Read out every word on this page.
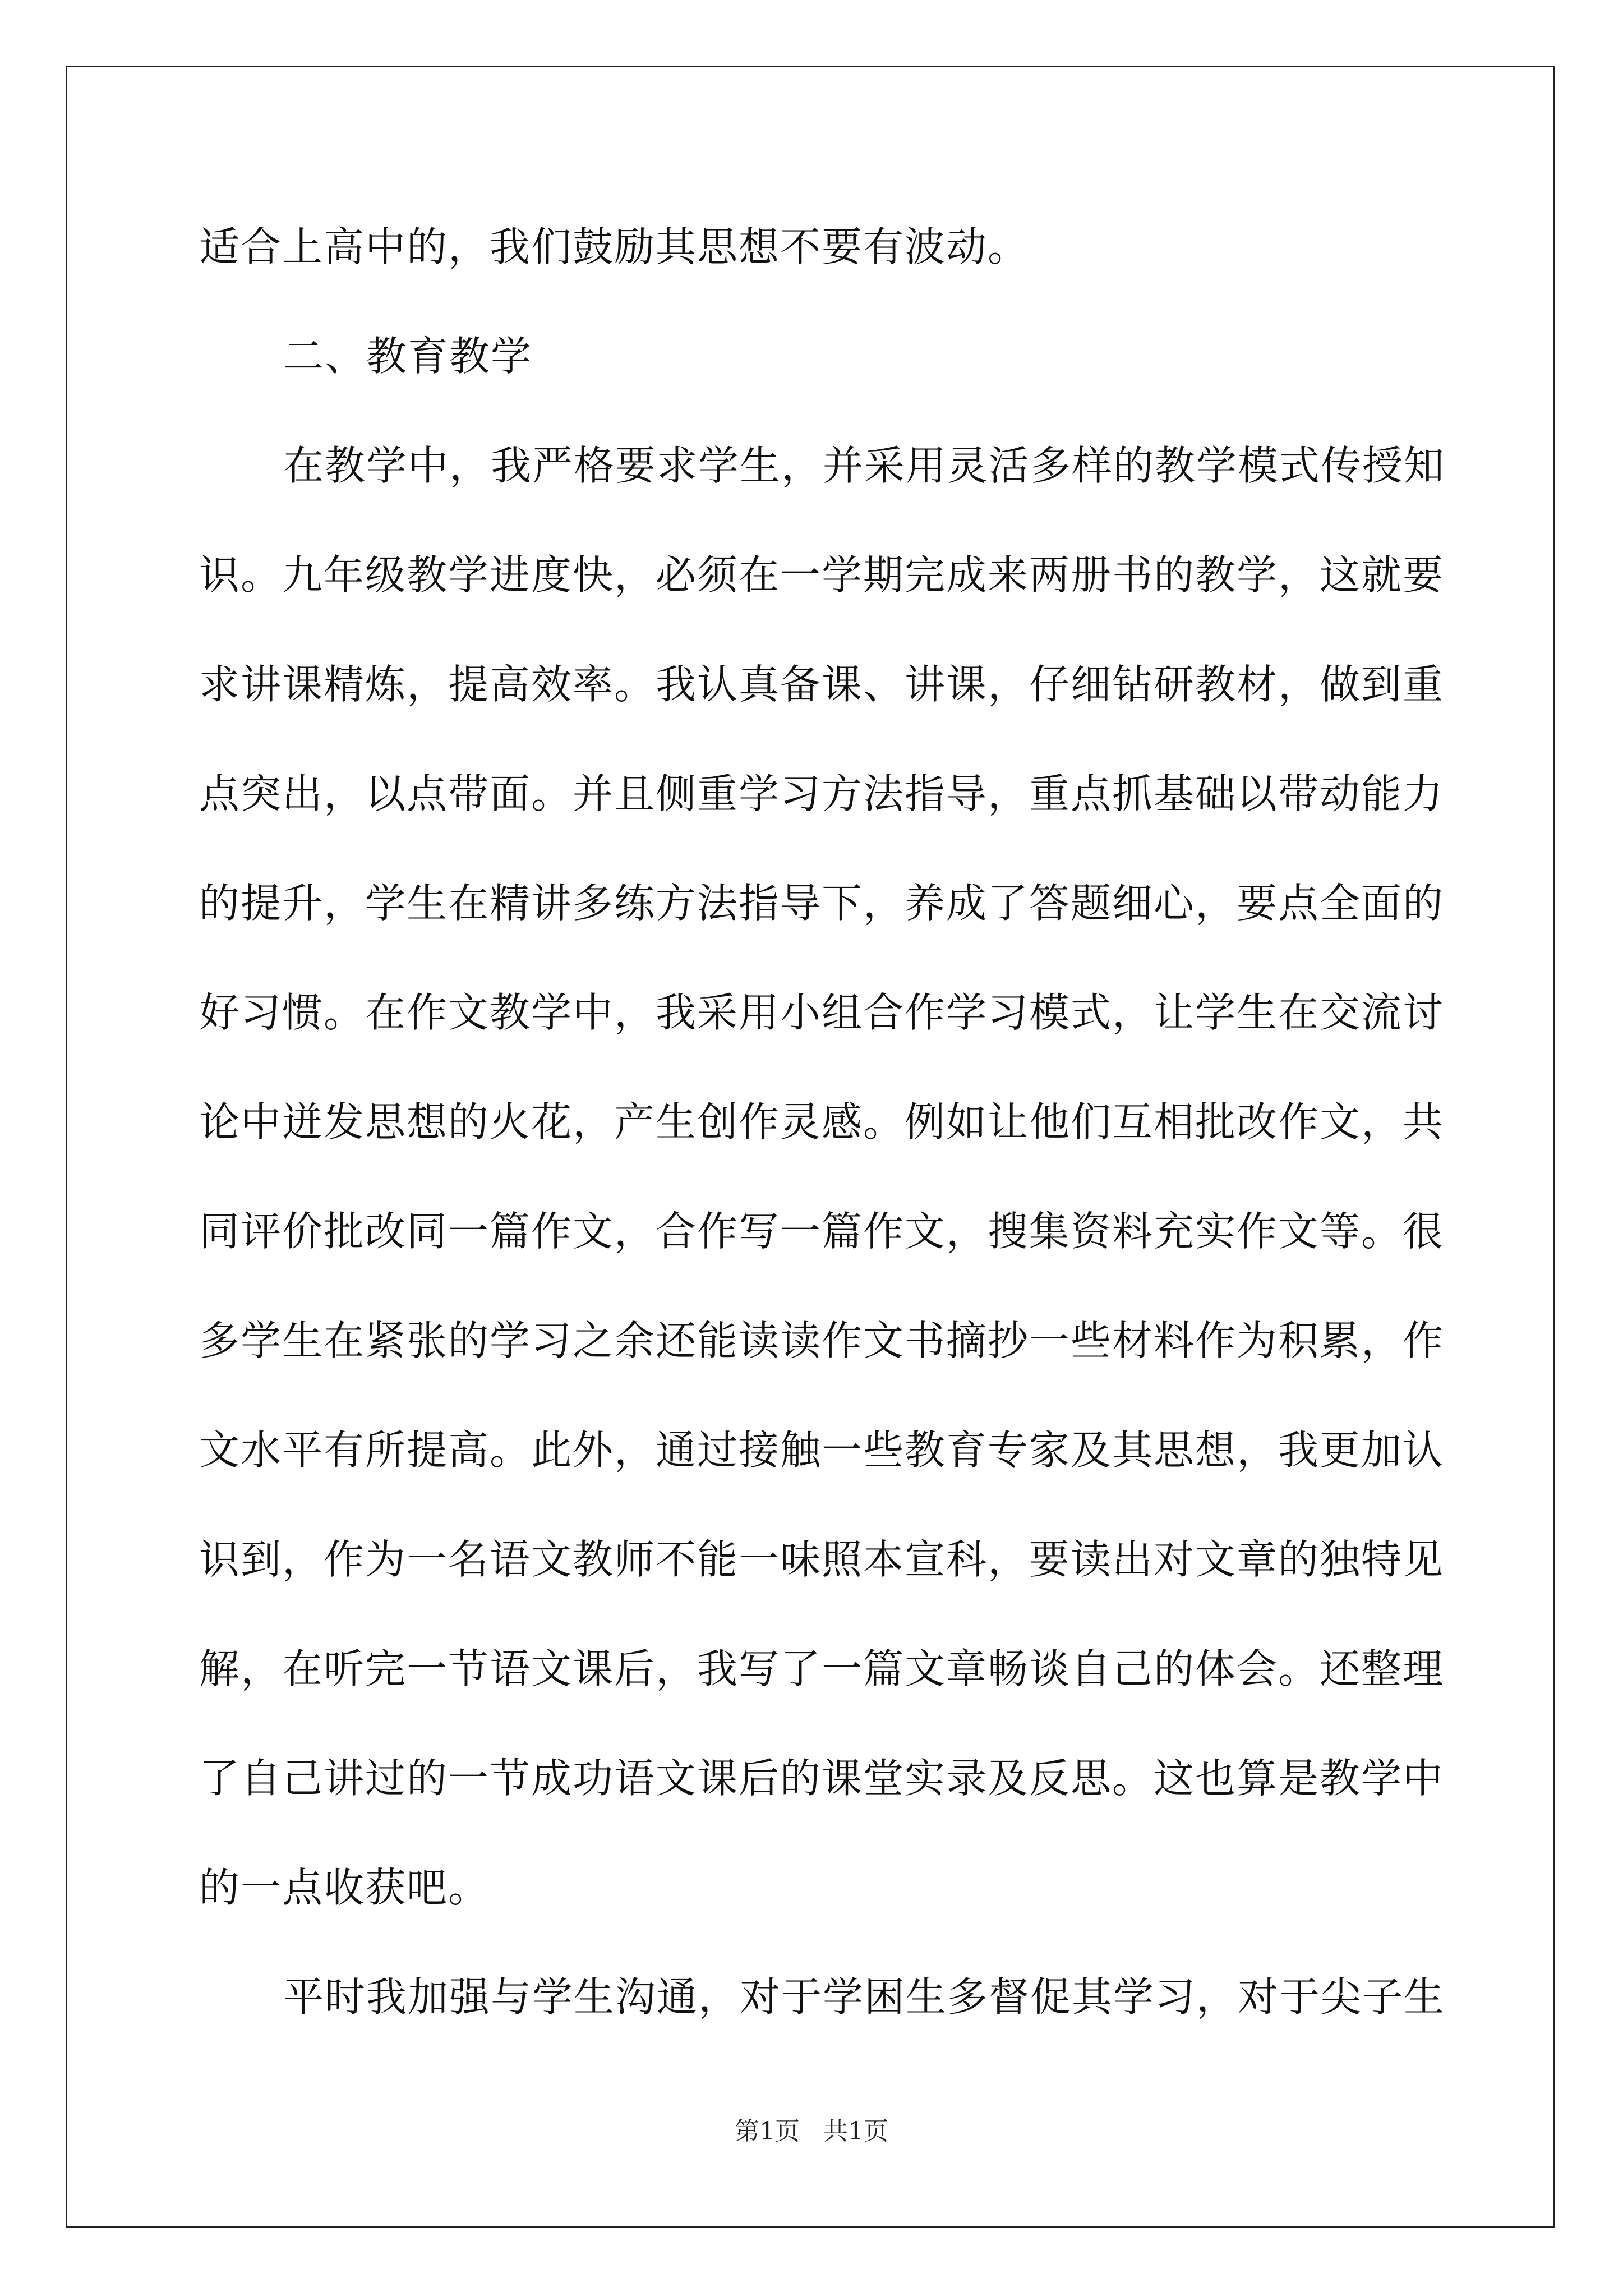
适合上高中的，我们鼓励其思想不要有波动。
二、教育教学
在教学中，我严格要求学生，并采用灵活多样的教学模式传授知
识。九年级教学进度快，必须在一学期完成来两册书的教学，这就要
求讲课精炼，提高效率。我认真备课、讲课，仔细钻研教材，做到重
点突出，以点带面。并且侧重学习方法指导，重点抓基础以带动能力
的提升，学生在精讲多练方法指导下，养成了答题细心，要点全面的
好习惯。在作文教学中，我采用小组合作学习模式，让学生在交流讨
论中迸发思想的火花，产生创作灵感。例如让他们互相批改作文，共
同评价批改同一篇作文，合作写一篇作文，搜集资料充实作文等。很
多学生在紧张的学习之余还能读读作文书摘抄一些材料作为积累，作
文水平有所提高。此外，通过接触一些教育专家及其思想，我更加认
识到，作为一名语文教师不能一味照本宣科，要读出对文章的独特见
解，在听完一节语文课后，我写了一篇文章畅谈自己的体会。还整理
了自己讲过的一节成功语文课后的课堂实录及反思。这也算是教学中
的一点收获吧。
平时我加强与学生沟通，对于学困生多督促其学习，对于尖子生
第1页   共1页
